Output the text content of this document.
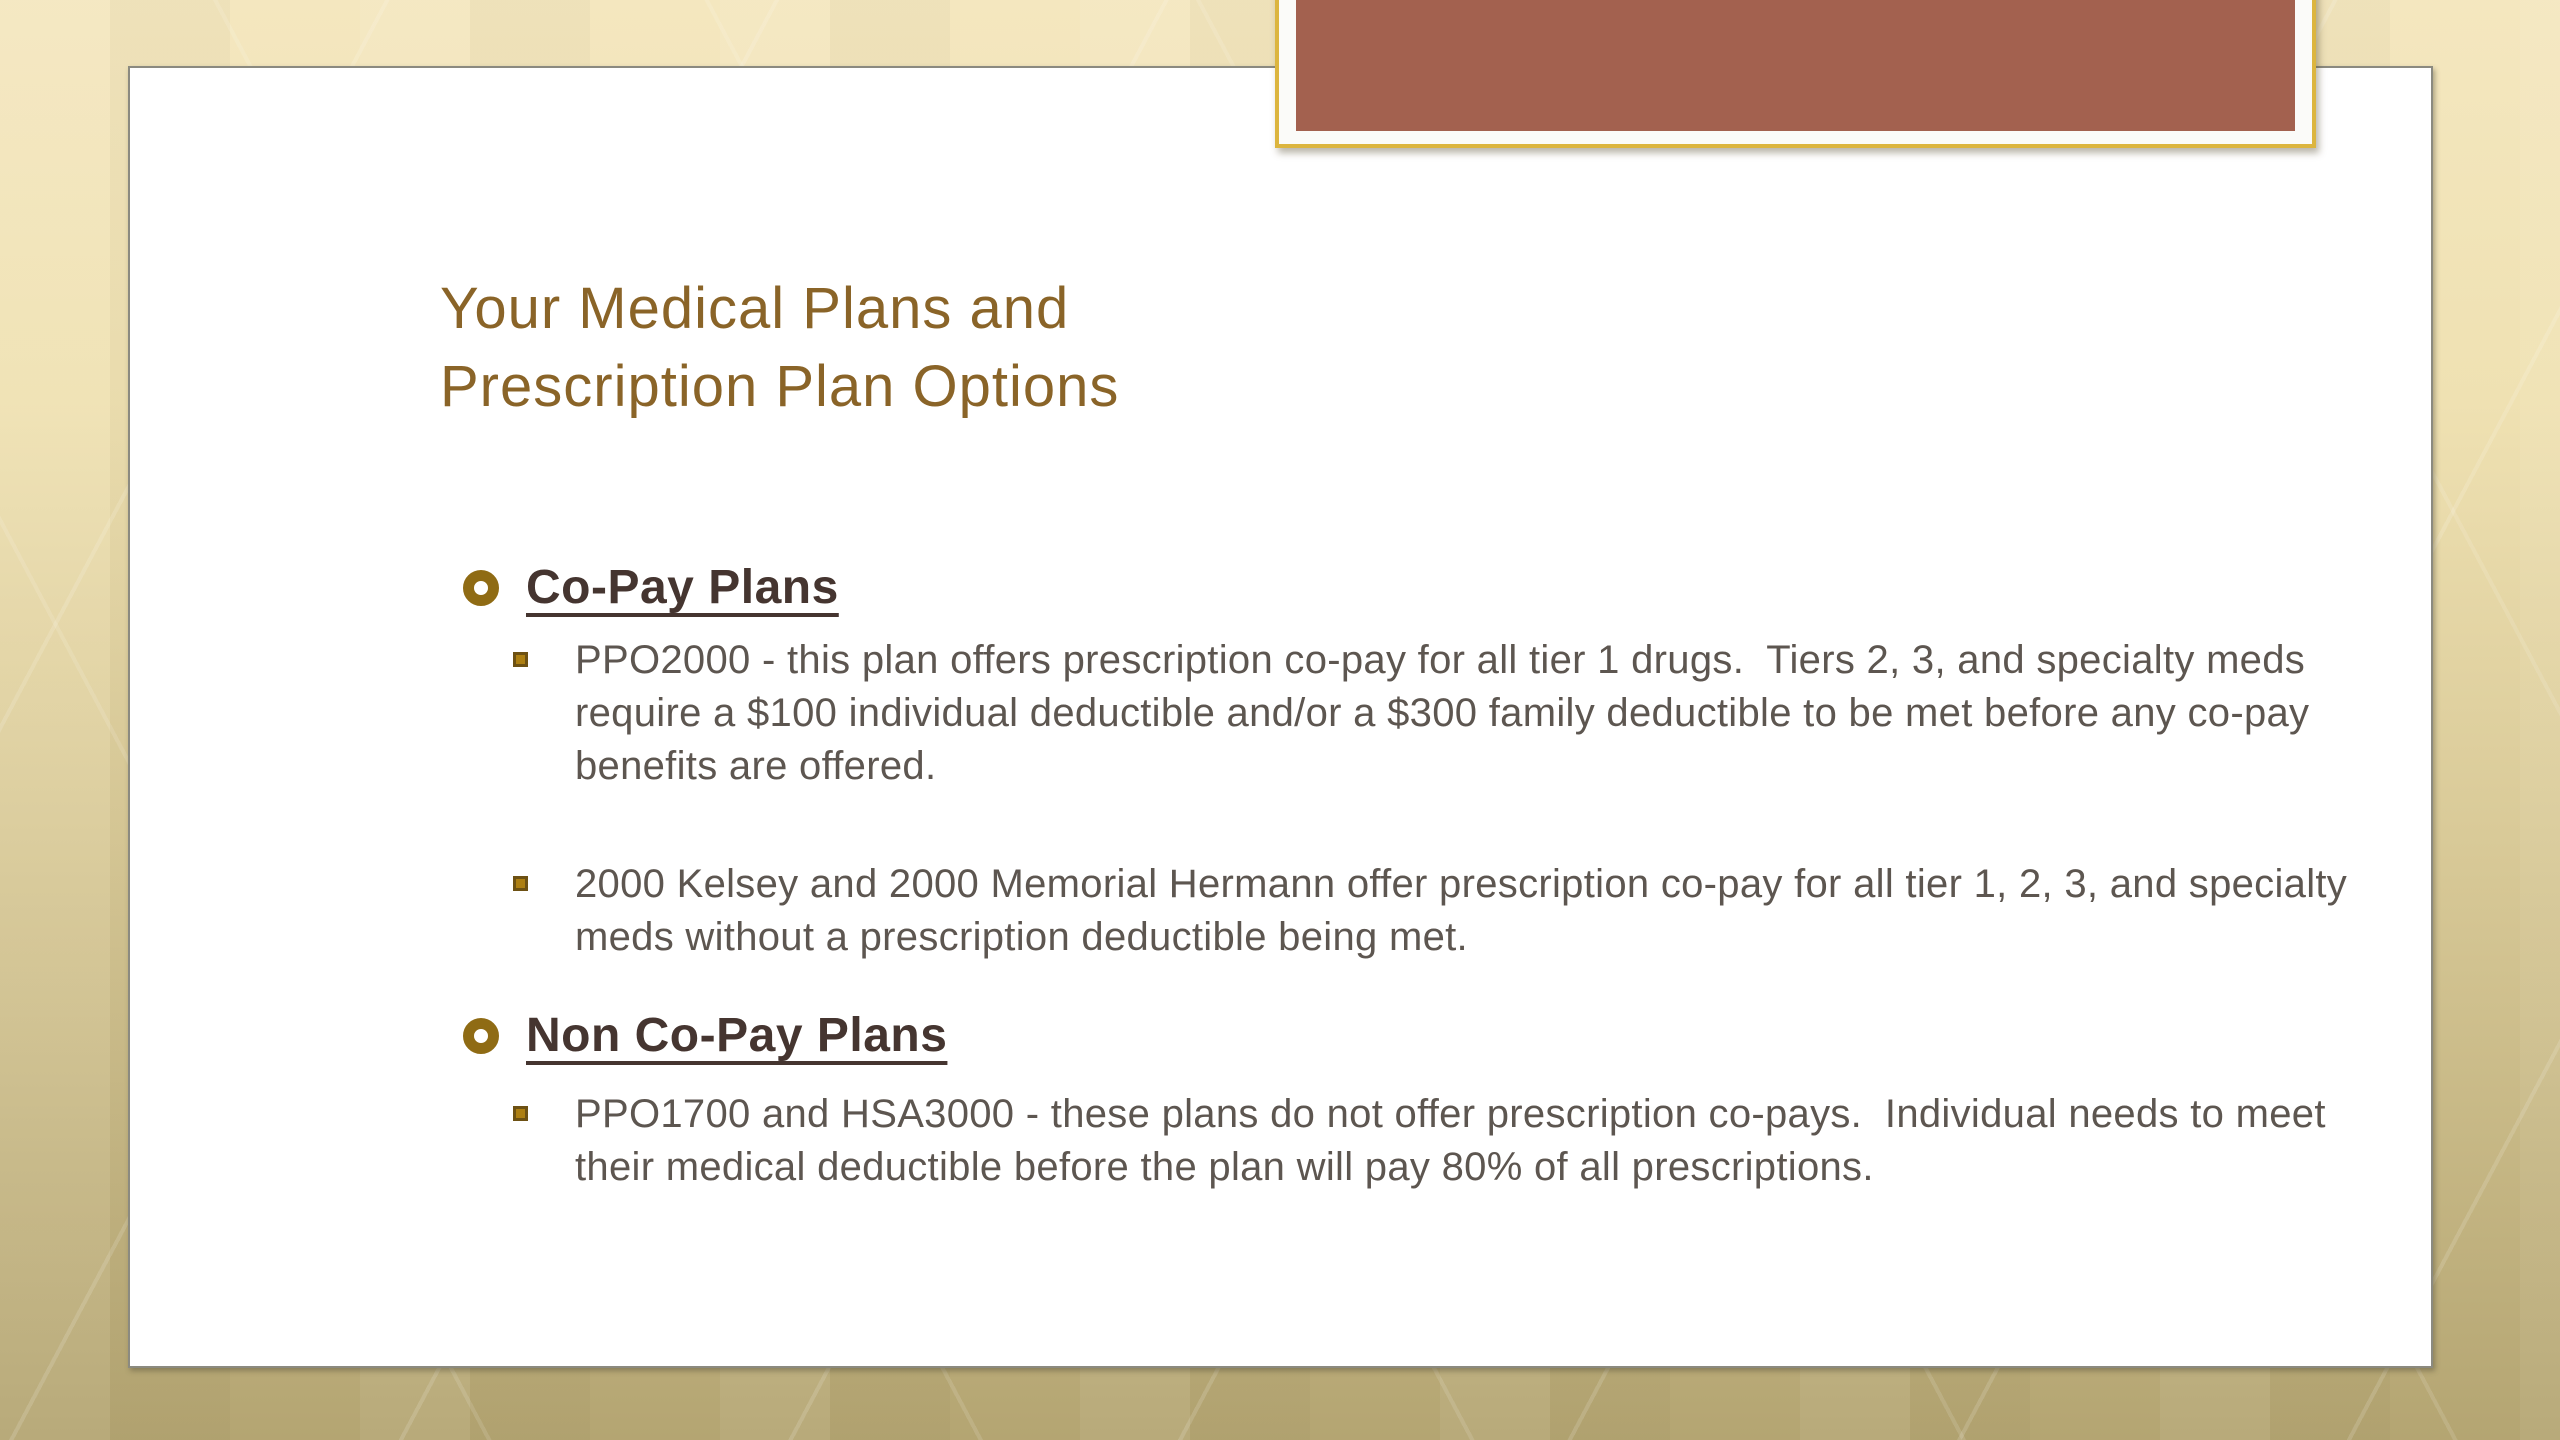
Your Medical Plans and
Prescription Plan Options
Co-Pay Plans
PPO2000 - this plan offers prescription co-pay for all tier 1 drugs.  Tiers 2, 3, and specialty meds require a $100 individual deductible and/or a $300 family deductible to be met before any co-pay benefits are offered.
2000 Kelsey and 2000 Memorial Hermann offer prescription co-pay for all tier 1, 2, 3, and specialty meds without a prescription deductible being met.
Non Co-Pay Plans
PPO1700 and HSA3000 - these plans do not offer prescription co-pays.  Individual needs to meet their medical deductible before the plan will pay 80% of all prescriptions.
